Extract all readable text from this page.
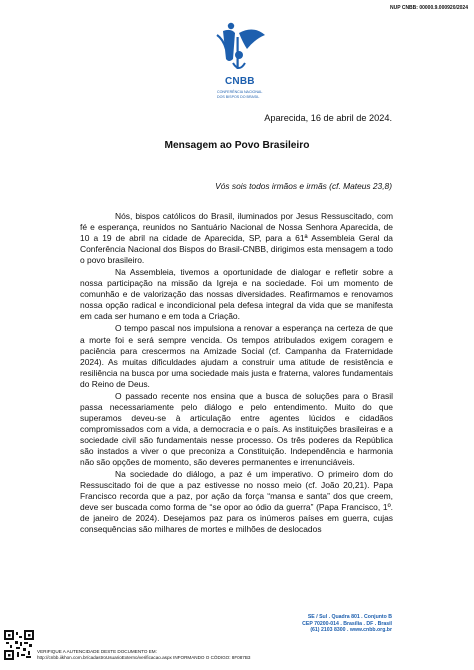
NUP CNBB: 00000.9.000920/2024
CNBB
CONFERÊNCIA NACIONAL DOS BISPOS DO BRASIL
Aparecida, 16 de abril de 2024.
Mensagem ao Povo Brasileiro
Vós sois todos irmãos e irmãs (cf. Mateus 23,8)

Nós, bispos católicos do Brasil, iluminados por Jesus Ressuscitado, com fé e esperança, reunidos no Santuário Nacional de Nossa Senhora Aparecida, de 10 a 19 de abril na cidade de Aparecida, SP, para a 61ª Assembleia Geral da Conferência Nacional dos Bispos do Brasil-CNBB, dirigimos esta mensagem a todo o povo brasileiro.

Na Assembleia, tivemos a oportunidade de dialogar e refletir sobre a nossa participação na missão da Igreja e na sociedade. Foi um momento de comunhão e de valorização das nossas diversidades. Reafirmamos e renovamos nossa opção radical e incondicional pela defesa integral da vida que se manifesta em cada ser humano e em toda a Criação.

O tempo pascal nos impulsiona a renovar a esperança na certeza de que a morte foi e será sempre vencida. Os tempos atribulados exigem coragem e paciência para crescermos na Amizade Social (cf. Campanha da Fraternidade 2024). As muitas dificuldades ajudam a construir uma atitude de resistência e resiliência na busca por uma sociedade mais justa e fraterna, valores fundamentais do Reino de Deus.

O passado recente nos ensina que a busca de soluções para o Brasil passa necessariamente pelo diálogo e pelo entendimento. Muito do que superamos deveu-se à articulação entre agentes lúcidos e cidadãos compromissados com a vida, a democracia e o país. As instituições brasileiras e a sociedade civil são fundamentais nesse processo. Os três poderes da República são instados a viver o que preconiza a Constituição. Independência e harmonia não são opções de momento, são deveres permanentes e irrenunciáveis.

Na sociedade do diálogo, a paz é um imperativo. O primeiro dom do Ressuscitado foi de que a paz estivesse no nosso meio (cf. João 20,21). Papa Francisco recorda que a paz, por ação da força “mansa e santa” dos que creem, deve ser buscada como forma de “se opor ao ódio da guerra” (Papa Francisco, 1º. de janeiro de 2024). Desejamos paz para os inúmeros países em guerra, cujas consequências são milhares de mortes e milhões de deslocados

SE / Sul . Quadra 801 . Conjunto B
CEP 70200-014 . Brasília . DF . Brasil
(61) 2103 8300 . www.cnbb.org.br
VERIFIQUE A AUTENCIDADE DESTE DOCUMENTO EM:
http://cnbb.iikhon.com.br/cadastroUsuarioExterno/verificacao.aspx INFORMANDO O CÓDIGO: 8F087B3
